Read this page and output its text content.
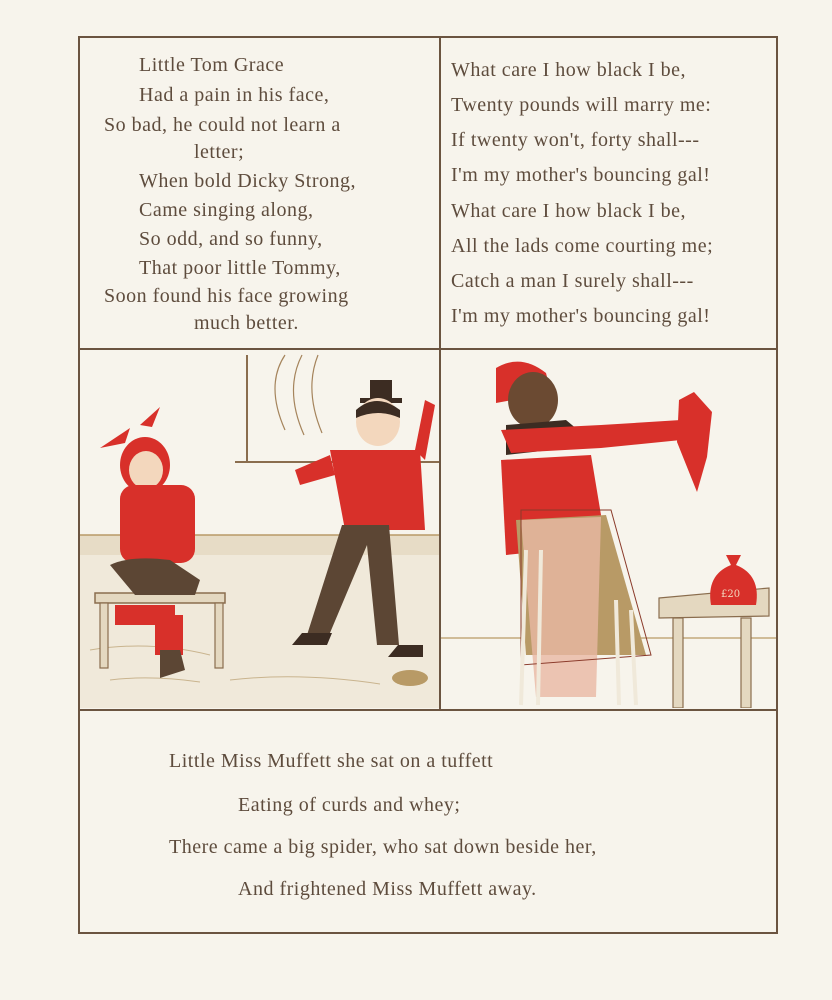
Little Tom Grace
Had a pain in his face,
So bad, he could not learn a
letter;
When bold Dicky Strong,
Came singing along,
So odd, and so funny,
That poor little Tommy,
Soon found his face growing
much better.
What care I how black I be,
Twenty pounds will marry me:
If twenty won't, forty shall---
I'm my mother's bouncing gal!
What care I how black I be,
All the lads come courting me;
Catch a man I surely shall---
I'm my mother's bouncing gal!
£20
Little Miss Muffett she sat on a tuffett
Eating of curds and whey;
There came a big spider, who sat down beside her,
And frightened Miss Muffett away.
